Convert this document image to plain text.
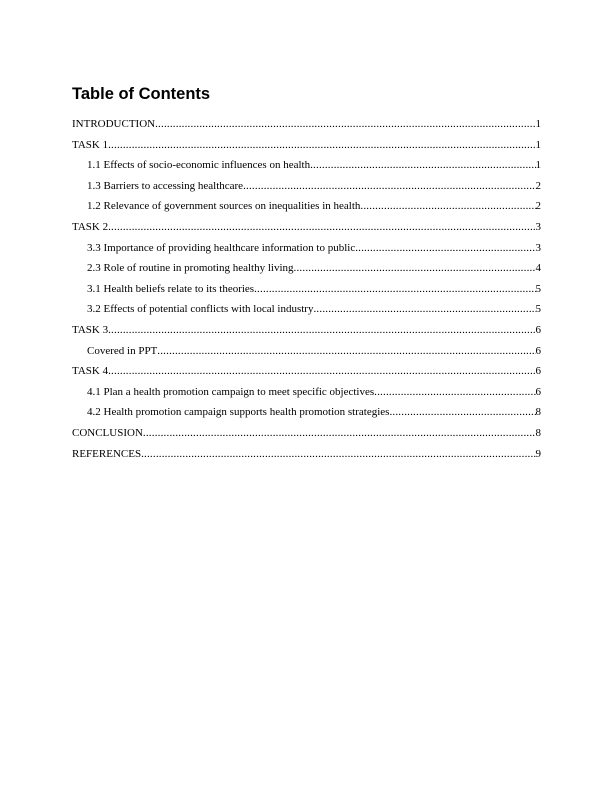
Table of Contents
INTRODUCTION .....	1
TASK 1 .....	1
1.1 Effects of socio-economic influences on health .....	1
1.3 Barriers to accessing healthcare .....	2
1.2 Relevance of government sources on inequalities in health .....	2
TASK 2 .....	3
3.3 Importance of providing healthcare information to public .....	3
2.3 Role of routine in promoting healthy living .....	4
3.1 Health beliefs relate to its theories .....	5
3.2 Effects of potential conflicts with local industry .....	5
TASK 3 .....	6
Covered in PPT .....	6
TASK 4 .....	6
4.1 Plan a health promotion campaign to meet specific objectives .....	6
4.2 Health promotion campaign supports health promotion strategies .....	8
CONCLUSION .....	8
REFERENCES .....	9
